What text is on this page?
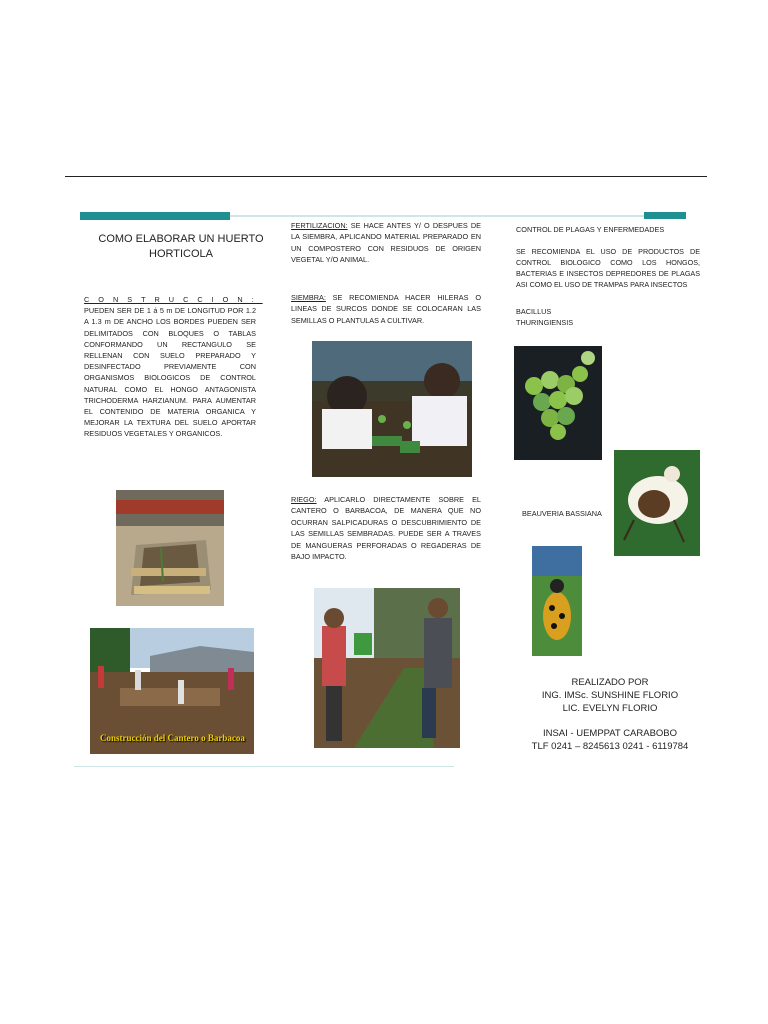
COMO ELABORAR UN HUERTO HORTICOLA
CONSTRUCCION:
PUEDEN SER DE 1 á 5 m DE LONGITUD POR 1.2 A 1.3 m DE ANCHO LOS BORDES PUEDEN SER DELIMITADOS CON BLOQUES O TABLAS CONFORMANDO UN RECTANGULO SE RELLENAN CON SUELO PREPARADO Y DESINFECTADO PREVIAMENTE CON ORGANISMOS BIOLOGICOS DE CONTROL NATURAL COMO EL HONGO ANTAGONISTA TRICHODERMA HARZIANUM. PARA AUMENTAR EL CONTENIDO DE MATERIA ORGANICA Y MEJORAR LA TEXTURA DEL SUELO APORTAR RESIDUOS VEGETALES Y ORGANICOS.
Construcción del Cantero o Barbacoa
FERTILIZACION: SE HACE ANTES Y/ O DESPUES DE LA SIEMBRA, APLICANDO MATERIAL PREPARADO EN UN COMPOSTERO CON RESIDUOS DE ORIGEN VEGETAL Y/O ANIMAL.
SIEMBRA: SE RECOMIENDA HACER HILERAS O LINEAS DE SURCOS DONDE SE COLOCARAN LAS SEMILLAS O PLANTULAS A CULTIVAR.
RIEGO: APLICARLO DIRECTAMENTE SOBRE EL CANTERO O BARBACOA, DE MANERA QUE NO OCURRAN SALPICADURAS O DESCUBRIMIENTO DE LAS SEMILLAS SEMBRADAS. PUEDE SER A TRAVES DE MANGUERAS PERFORADAS O REGADERAS DE BAJO IMPACTO.
CONTROL DE PLAGAS Y ENFERMEDADES
SE RECOMIENDA EL USO DE PRODUCTOS DE CONTROL BIOLOGICO COMO LOS HONGOS, BACTERIAS E INSECTOS DEPREDORES DE PLAGAS ASI COMO EL USO DE TRAMPAS PARA INSECTOS
BACILLUS THURINGIENSIS
BEAUVERIA BASSIANA
REALIZADO POR
ING. IMSc. SUNSHINE FLORIO
LIC. EVELYN FLORIO
INSAI - UEMPPAT CARABOBO
TLF 0241 – 8245613 0241 - 6119784
